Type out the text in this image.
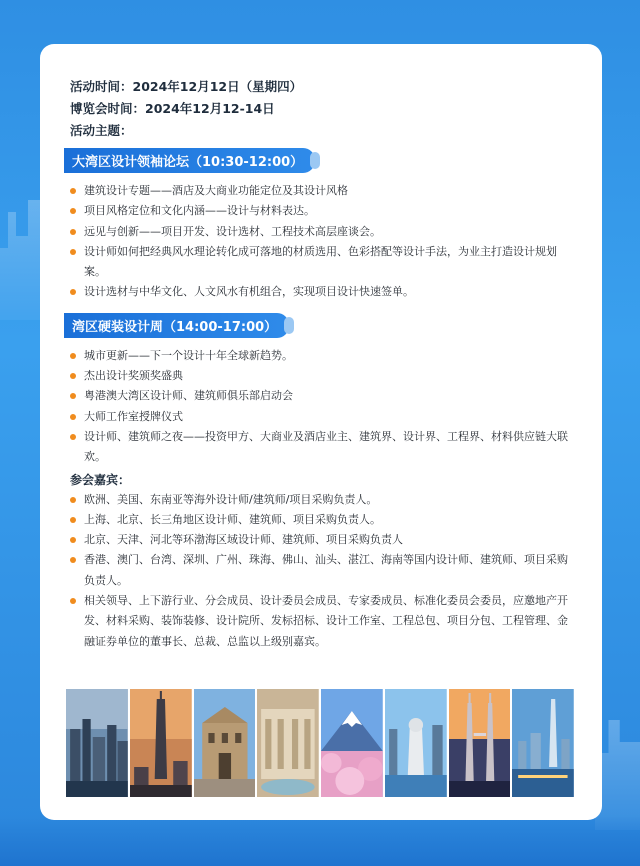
活动时间：2024年12月12日（星期四）
博览会时间：2024年12月12-14日
活动主题：
大湾区设计领袖论坛（10:30-12:00）
建筑设计专题——酒店及大商业功能定位及其设计风格
项目风格定位和文化内涵——设计与材料表达。
远见与创新——项目开发、设计选材、工程技术高层座谈会。
设计师如何把经典风水理论转化成可落地的材质选用、色彩搭配等设计手法，为业主打造设计规划案。
设计选材与中华文化、人文风水有机组合，实现项目设计快速签单。
湾区硬装设计周（14:00-17:00）
城市更新——下一个设计十年全球新趋势。
杰出设计奖颁奖盛典
粤港澳大湾区设计师、建筑师俱乐部启动会
大师工作室授牌仪式
设计师、建筑师之夜——投资甲方、大商业及酒店业主、建筑界、设计界、工程界、材料供应链大联欢。
参会嘉宾：
欧洲、美国、东南亚等海外设计师/建筑师/项目采购负责人。
上海、北京、长三角地区设计师、建筑师、项目采购负责人。
北京、天津、河北等环渤海区域设计师、建筑师、项目采购负责人
香港、澳门、台湾、深圳、广州、珠海、佛山、汕头、湛江、海南等国内设计师、建筑师、项目采购负责人。
相关领导、上下游行业、分会成员、设计委员会成员、专家委成员、标准化委员会委员，应邀地产开发、材料采购、装饰装修、设计院所、发标招标、设计工作室、工程总包、项目分包、工程管理、金融证券单位的董事长、总裁、总监以上级别嘉宾。
